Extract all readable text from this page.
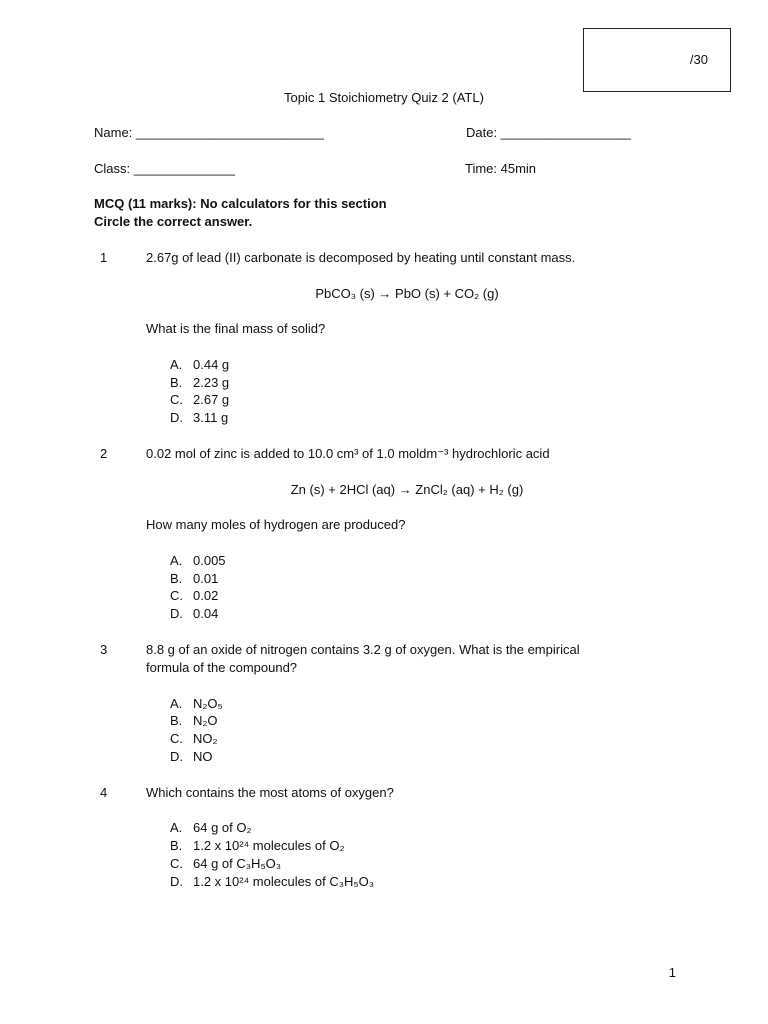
/30
Topic 1 Stoichiometry Quiz 2 (ATL)
Name: __________________________	Date: __________________
Class: ______________	Time: 45min
MCQ (11 marks): No calculators for this section
Circle the correct answer.
1	2.67g of lead (II) carbonate is decomposed by heating until constant mass.
PbCO₃ (s) → PbO (s) + CO₂ (g)
What is the final mass of solid?
A. 0.44 g
B. 2.23 g
C. 2.67 g
D. 3.11 g
2	0.02 mol of zinc is added to 10.0 cm³ of 1.0 moldm⁻³ hydrochloric acid
Zn (s) + 2HCl (aq) → ZnCl₂ (aq) + H₂ (g)
How many moles of hydrogen are produced?
A. 0.005
B. 0.01
C. 0.02
D. 0.04
3	8.8 g of an oxide of nitrogen contains 3.2 g of oxygen. What is the empirical formula of the compound?
A. N₂O₅
B. N₂O
C. NO₂
D. NO
4	Which contains the most atoms of oxygen?
A. 64 g of O₂
B. 1.2 x 10²⁴ molecules of O₂
C. 64 g of C₃H₅O₃
D. 1.2 x 10²⁴ molecules of C₃H₅O₃
1
